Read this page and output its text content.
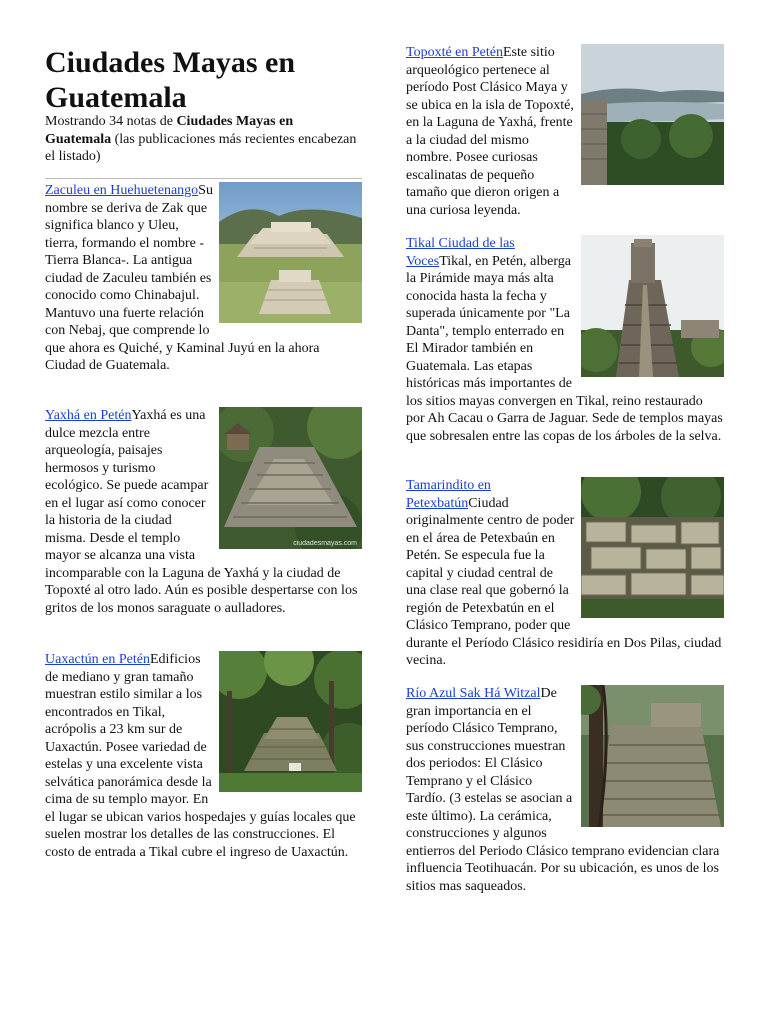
Ciudades Mayas en Guatemala
Mostrando 34 notas de Ciudades Mayas en Guatemala (las publicaciones más recientes encabezan el listado)
Zaculeu en HuehuetenangoSu nombre se deriva de Zak que significa blanco y Uleu, tierra, formando el nombre - Tierra Blanca-. La antigua ciudad de Zaculeu también es conocido como Chinabajul. Mantuvo una fuerte relación con Nebaj, que comprende lo que ahora es Quiché, y Kaminal Juyú en la ahora Ciudad de Guatemala.
ciudadesmayas.com
Yaxhá en PeténYaxhá es una dulce mezcla entre arqueología, paisajes hermosos y turismo ecológico. Se puede acampar en el lugar así como conocer la historia de la ciudad misma. Desde el templo mayor se alcanza una vista incomparable con la Laguna de Yaxhá y la ciudad de Topoxté al otro lado. Aún es posible despertarse con los gritos de los monos saraguate o aulladores.
Uaxactún en PeténEdificios de mediano y gran tamaño muestran estilo similar a los encontrados en Tikal, acrópolis a 23 km sur de Uaxactún. Posee variedad de estelas y una excelente vista selvática panorámica desde la cima de su templo mayor. En el lugar se ubican varios hospedajes y guías locales que suelen mostrar los detalles de las construcciones. El costo de entrada a Tikal cubre el ingreso de Uaxactún.
Topoxté en PeténEste sitio arqueológico pertenece al período Post Clásico Maya y se ubica en la isla de Topoxté, en la Laguna de Yaxhá, frente a la ciudad del mismo nombre. Posee curiosas escalinatas de pequeño tamaño que dieron origen a una curiosa leyenda.
Tikal Ciudad de las VocesTikal, en Petén, alberga la Pirámide maya más alta conocida hasta la fecha y superada únicamente por "La Danta", templo enterrado en El Mirador también en Guatemala. Las etapas históricas más importantes de los sitios mayas convergen en Tikal, reino restaurado por Ah Cacau o Garra de Jaguar. Sede de templos mayas que sobresalen entre las copas de los árboles de la selva.
Tamarindito en PetexbatúnCiudad originalmente centro de poder en el área de Petexbaún en Petén. Se especula fue la capital y ciudad central de una clase real que gobernó la región de Petexbatún en el Clásico Temprano, poder que durante el Período Clásico residiría en Dos Pilas, ciudad vecina.
Río Azul Sak Há WitzalDe gran importancia en el período Clásico Temprano, sus construcciones muestran dos periodos: El Clásico Temprano y el Clásico Tardío. (3 estelas se asocian a este último). La cerámica, construcciones y algunos entierros del Periodo Clásico temprano evidencian clara influencia Teotihuacán. Por su ubicación, es unos de los sitios mas saqueados.
